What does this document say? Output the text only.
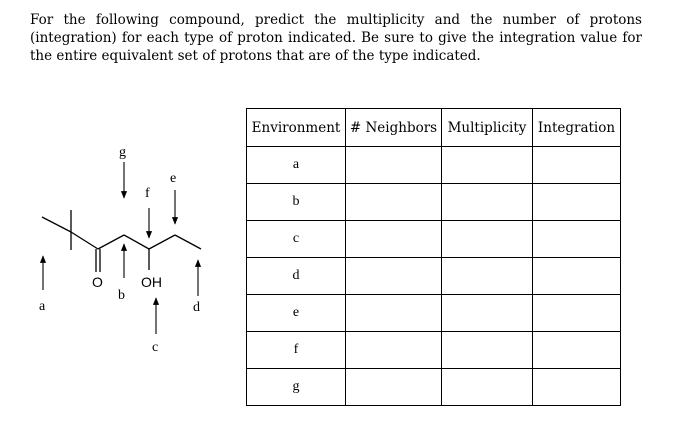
For the following compound, predict the multiplicity and the number of protons (integration) for each type of proton indicated. Be sure to give the integration value for the entire equivalent set of protons that are of the type indicated.
O	OH
a
b
c
d
e
f
g
Environment	# Neighbors	Multiplicity	Integration
a			
b			
c			
d			
e			
f			
g			
